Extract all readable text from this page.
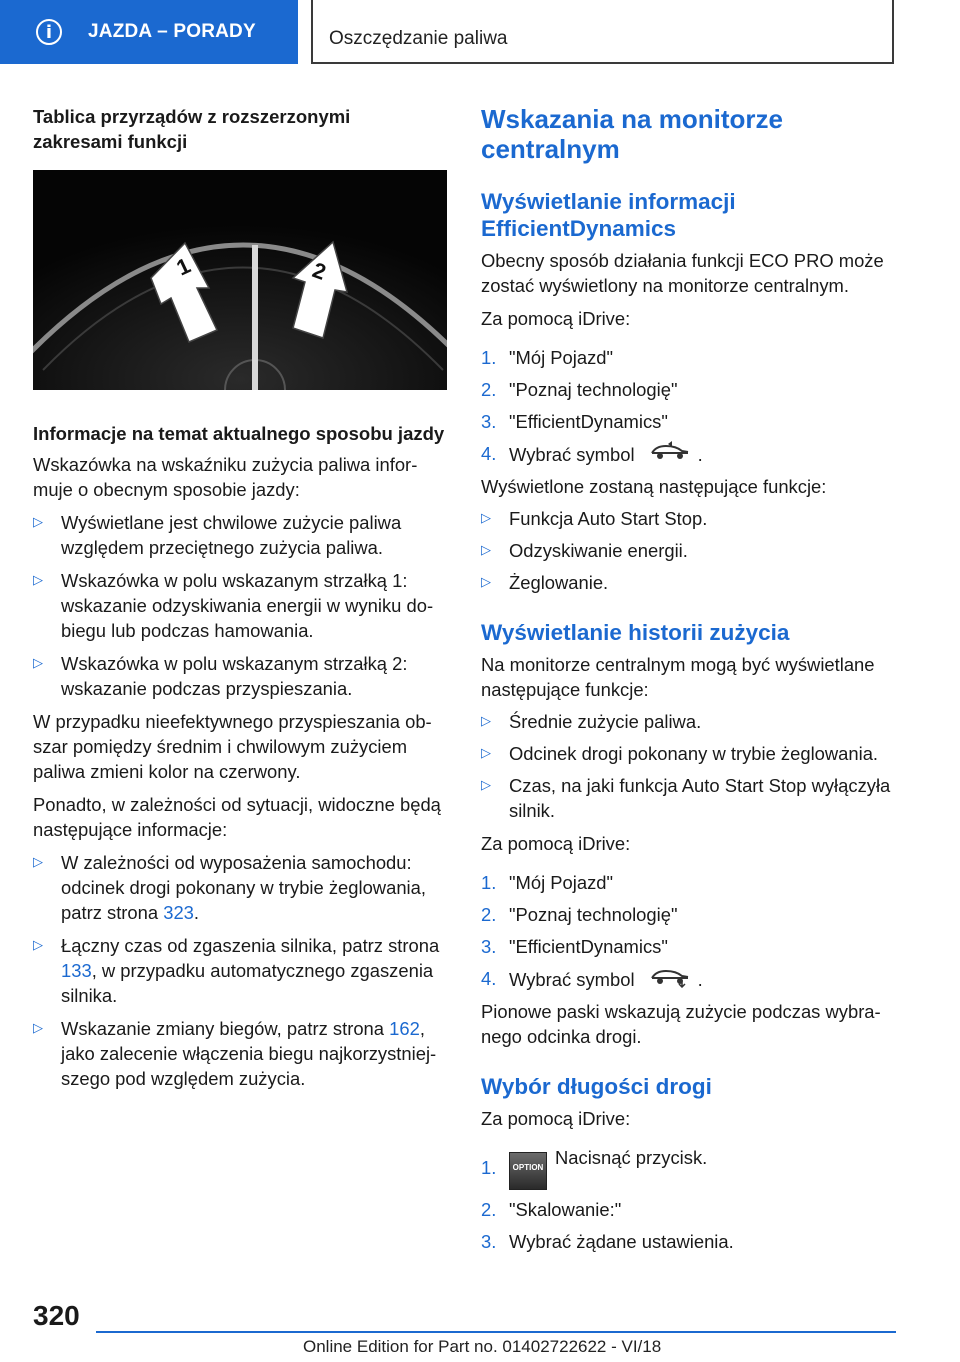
i	JAZDA – PORADY	Oszczędzanie paliwa
Tablica przyrządów z rozszerzonymi zakresami funkcji
1	2
Informacje na temat aktualnego sposobu jazdy

Wskazówka na wskaźniku zużycia paliwa informuje o obecnym sposobie jazdy:

▷ Wyświetlane jest chwilowe zużycie paliwa względem przeciętnego zużycia paliwa.
▷ Wskazówka w polu wskazanym strzałką 1: wskazanie odzyskiwania energii w wyniku dobiegu lub podczas hamowania.
▷ Wskazówka w polu wskazanym strzałką 2: wskazanie podczas przyspieszania.

W przypadku nieefektywnego przyspieszania obszar pomiędzy średnim i chwilowym zużyciem paliwa zmieni kolor na czerwony.

Ponadto, w zależności od sytuacji, widoczne będą następujące informacje:

▷ W zależności od wyposażenia samochodu: odcinek drogi pokonany w trybie żeglowania, patrz strona 323.
▷ Łączny czas od zgaszenia silnika, patrz strona 133, w przypadku automatycznego zgaszenia silnika.
▷ Wskazanie zmiany biegów, patrz strona 162, jako zalecenie włączenia biegu najkorzystniejszego pod względem zużycia.
Wskazania na monitorze centralnym
Wyświetlanie informacji EfficientDynamics

Obecny sposób działania funkcji ECO PRO może zostać wyświetlony na monitorze centralnym.

Za pomocą iDrive:

1. "Mój Pojazd"
2. "Poznaj technologię"
3. "EfficientDynamics"
4. Wybrać symbol	.

Wyświetlone zostaną następujące funkcje:

▷ Funkcja Auto Start Stop.
▷ Odzyskiwanie energii.
▷ Żeglowanie.
Wyświetlanie historii zużycia

Na monitorze centralnym mogą być wyświetlane następujące funkcje:

▷ Średnie zużycie paliwa.
▷ Odcinek drogi pokonany w trybie żeglowania.
▷ Czas, na jaki funkcja Auto Start Stop wyłączyła silnik.

Za pomocą iDrive:

1. "Mój Pojazd"
2. "Poznaj technologię"
3. "EfficientDynamics"
4. Wybrać symbol	.

Pionowe paski wskazują zużycie podczas wybranego odcinka drogi.

Wybór długości drogi

Za pomocą iDrive:

1. OPTION Nacisnąć przycisk.
2. "Skalowanie:"
3. Wybrać żądane ustawienia.
320
Online Edition for Part no. 01402722622 - VI/18
